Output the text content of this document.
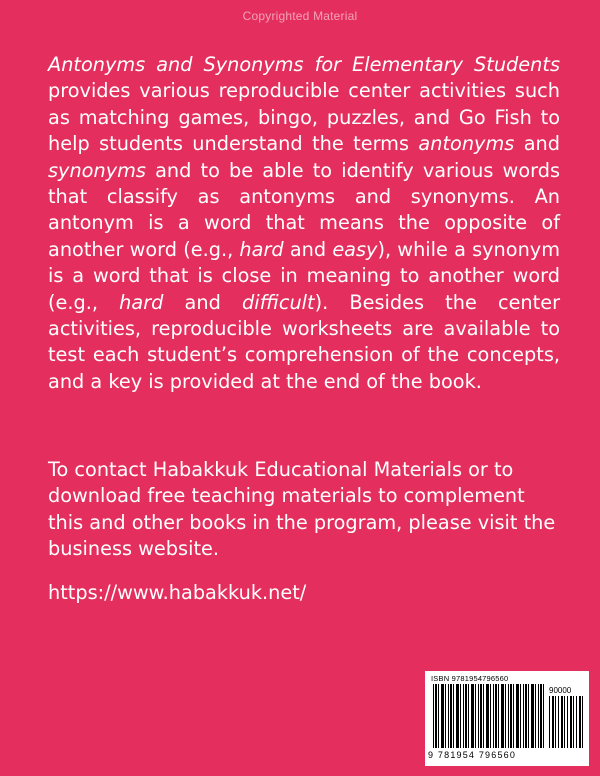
Copyrighted Material

Antonyms and Synonyms for Elementary Students provides various reproducible center activities such as matching games, bingo, puzzles, and Go Fish to help students understand the terms antonyms and synonyms and to be able to identify various words that classify as antonyms and synonyms. An antonym is a word that means the opposite of another word (e.g., hard and easy), while a synonym is a word that is close in meaning to another word (e.g., hard and difficult). Besides the center activities, reproducible worksheets are available to test each student’s comprehension of the concepts, and a key is provided at the end of the book.

To contact Habakkuk Educational Materials or to download free teaching materials to complement this and other books in the program, please visit the business website.

https://www.habakkuk.net/

ISBN 9781954796560
90000
9 781954 796560
